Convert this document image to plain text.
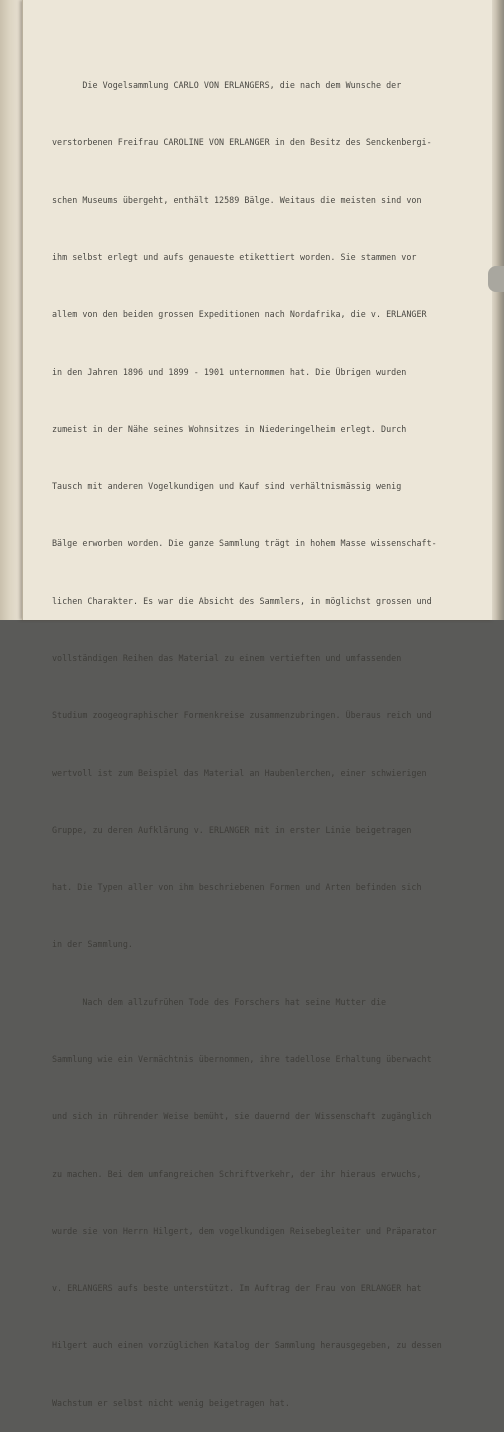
Die Vogelsammlung CARLO VON ERLANGERS, die nach dem Wunsche der

verstorbenen Freifrau CAROLINE VON ERLANGER in den Besitz des Senckenbergi-

schen Museums übergeht, enthält 12589 Bälge. Weitaus die meisten sind von

ihm selbst erlegt und aufs genaueste etikettiert worden. Sie stammen vor

allem von den beiden grossen Expeditionen nach Nordafrika, die v. ERLANGER

in den Jahren 1896 und 1899 - 1901 unternommen hat. Die Übrigen wurden

zumeist in der Nähe seines Wohnsitzes in Niederingelheim erlegt. Durch

Tausch mit anderen Vogelkundigen und Kauf sind verhältnismässig wenig

Bälge erworben worden. Die ganze Sammlung trägt in hohem Masse wissenschaft-

lichen Charakter. Es war die Absicht des Sammlers, in möglichst grossen und

vollständigen Reihen das Material zu einem vertieften und umfassenden

Studium zoogeographischer Formenkreise zusammenzubringen. Überaus reich und

wertvoll ist zum Beispiel das Material an Haubenlerchen, einer schwierigen

Gruppe, zu deren Aufklärung v. ERLANGER mit in erster Linie beigetragen

hat. Die Typen aller von ihm beschriebenen Formen und Arten befinden sich

in der Sammlung.

Nach dem allzufrühen Tode des Forschers hat seine Mutter die

Sammlung wie ein Vermächtnis übernommen, ihre tadellose Erhaltung überwacht

und sich in rührender Weise bemüht, sie dauernd der Wissenschaft zugänglich

zu machen. Bei dem umfangreichen Schriftverkehr, der ihr hieraus erwuchs,

wurde sie von Herrn Hilgert, dem vogelkundigen Reisebegleiter und Präparator

v. ERLANGERS aufs beste unterstützt. Im Auftrag der Frau von ERLANGER hat

Hilgert auch einen vorzüglichen Katalog der Sammlung herausgegeben, zu dessen

Wachstum er selbst nicht wenig beigetragen hat.
